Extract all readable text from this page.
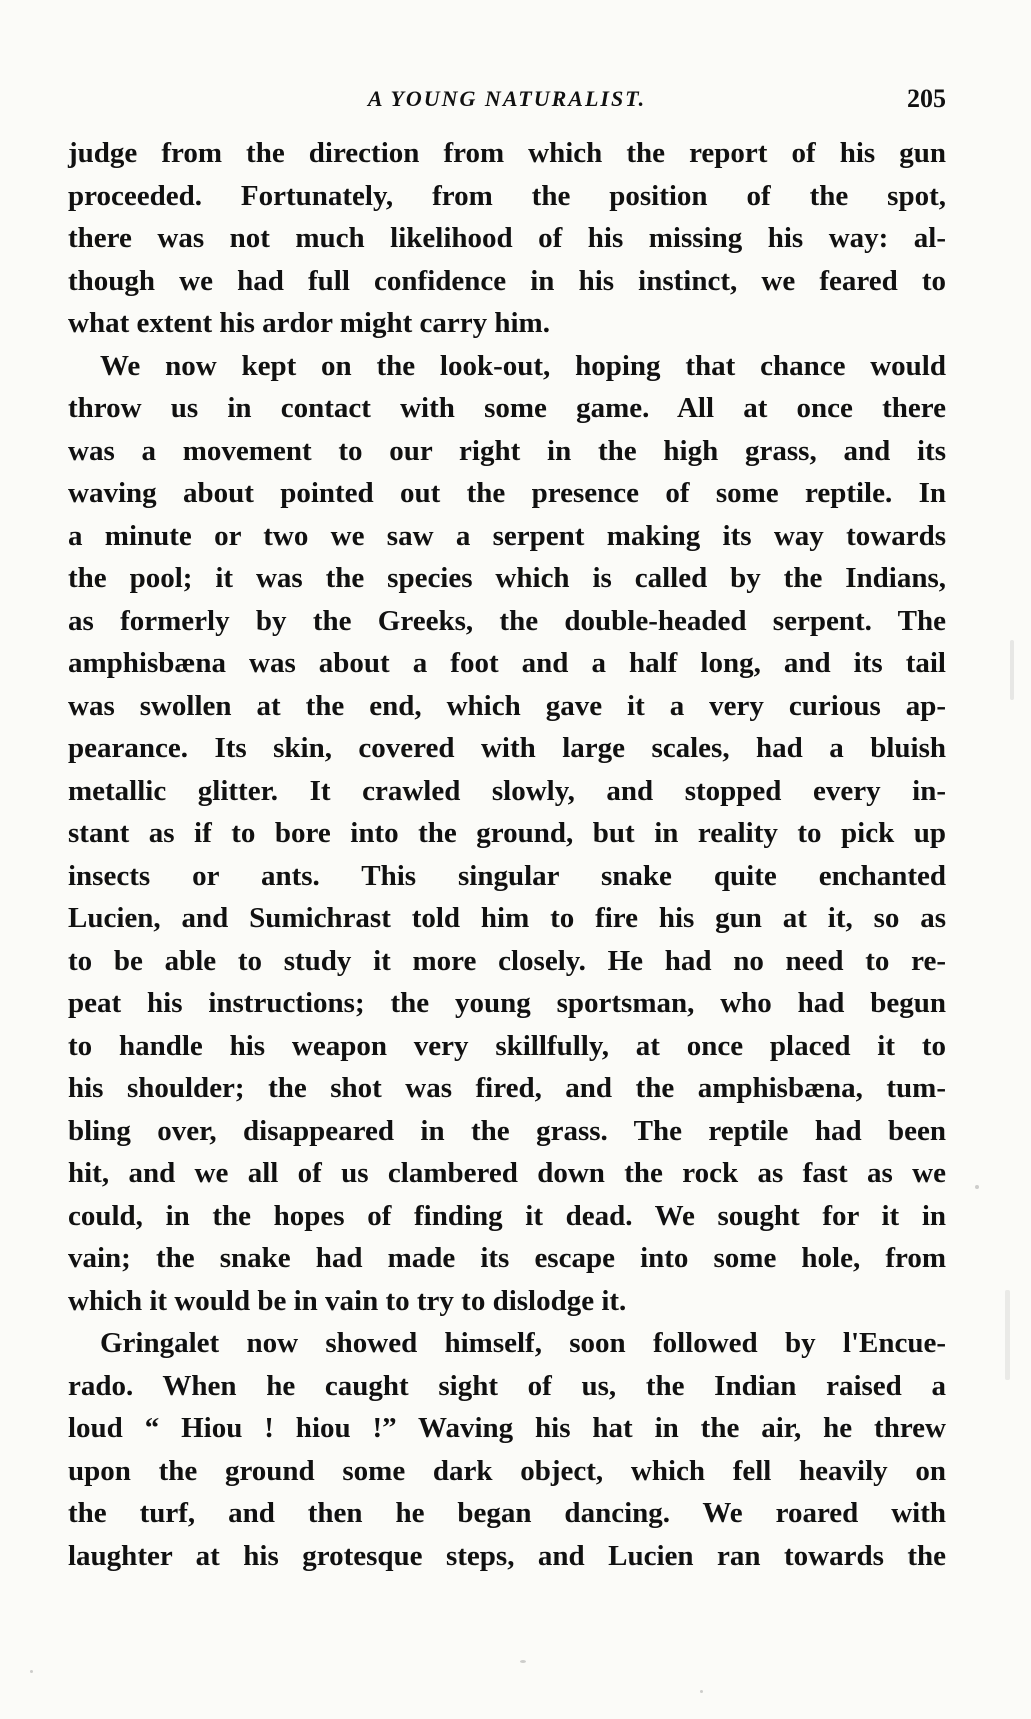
A YOUNG NATURALIST.	205
judge from the direction from which the report of his gun
proceeded. Fortunately, from the position of the spot,
there was not much likelihood of his missing his way: al-
though we had full confidence in his instinct, we feared to
what extent his ardor might carry him.
We now kept on the look-out, hoping that chance would
throw us in contact with some game. All at once there
was a movement to our right in the high grass, and its
waving about pointed out the presence of some reptile. In
a minute or two we saw a serpent making its way towards
the pool; it was the species which is called by the Indians,
as formerly by the Greeks, the double-headed serpent. The
amphisbæna was about a foot and a half long, and its tail
was swollen at the end, which gave it a very curious ap-
pearance. Its skin, covered with large scales, had a bluish
metallic glitter. It crawled slowly, and stopped every in-
stant as if to bore into the ground, but in reality to pick up
insects or ants. This singular snake quite enchanted
Lucien, and Sumichrast told him to fire his gun at it, so as
to be able to study it more closely. He had no need to re-
peat his instructions; the young sportsman, who had begun
to handle his weapon very skillfully, at once placed it to
his shoulder; the shot was fired, and the amphisbæna, tum-
bling over, disappeared in the grass. The reptile had been
hit, and we all of us clambered down the rock as fast as we
could, in the hopes of finding it dead. We sought for it in
vain; the snake had made its escape into some hole, from
which it would be in vain to try to dislodge it.
Gringalet now showed himself, soon followed by l'Encue-
rado. When he caught sight of us, the Indian raised a
loud “ Hiou ! hiou !” Waving his hat in the air, he threw
upon the ground some dark object, which fell heavily on
the turf, and then he began dancing. We roared with
laughter at his grotesque steps, and Lucien ran towards the
